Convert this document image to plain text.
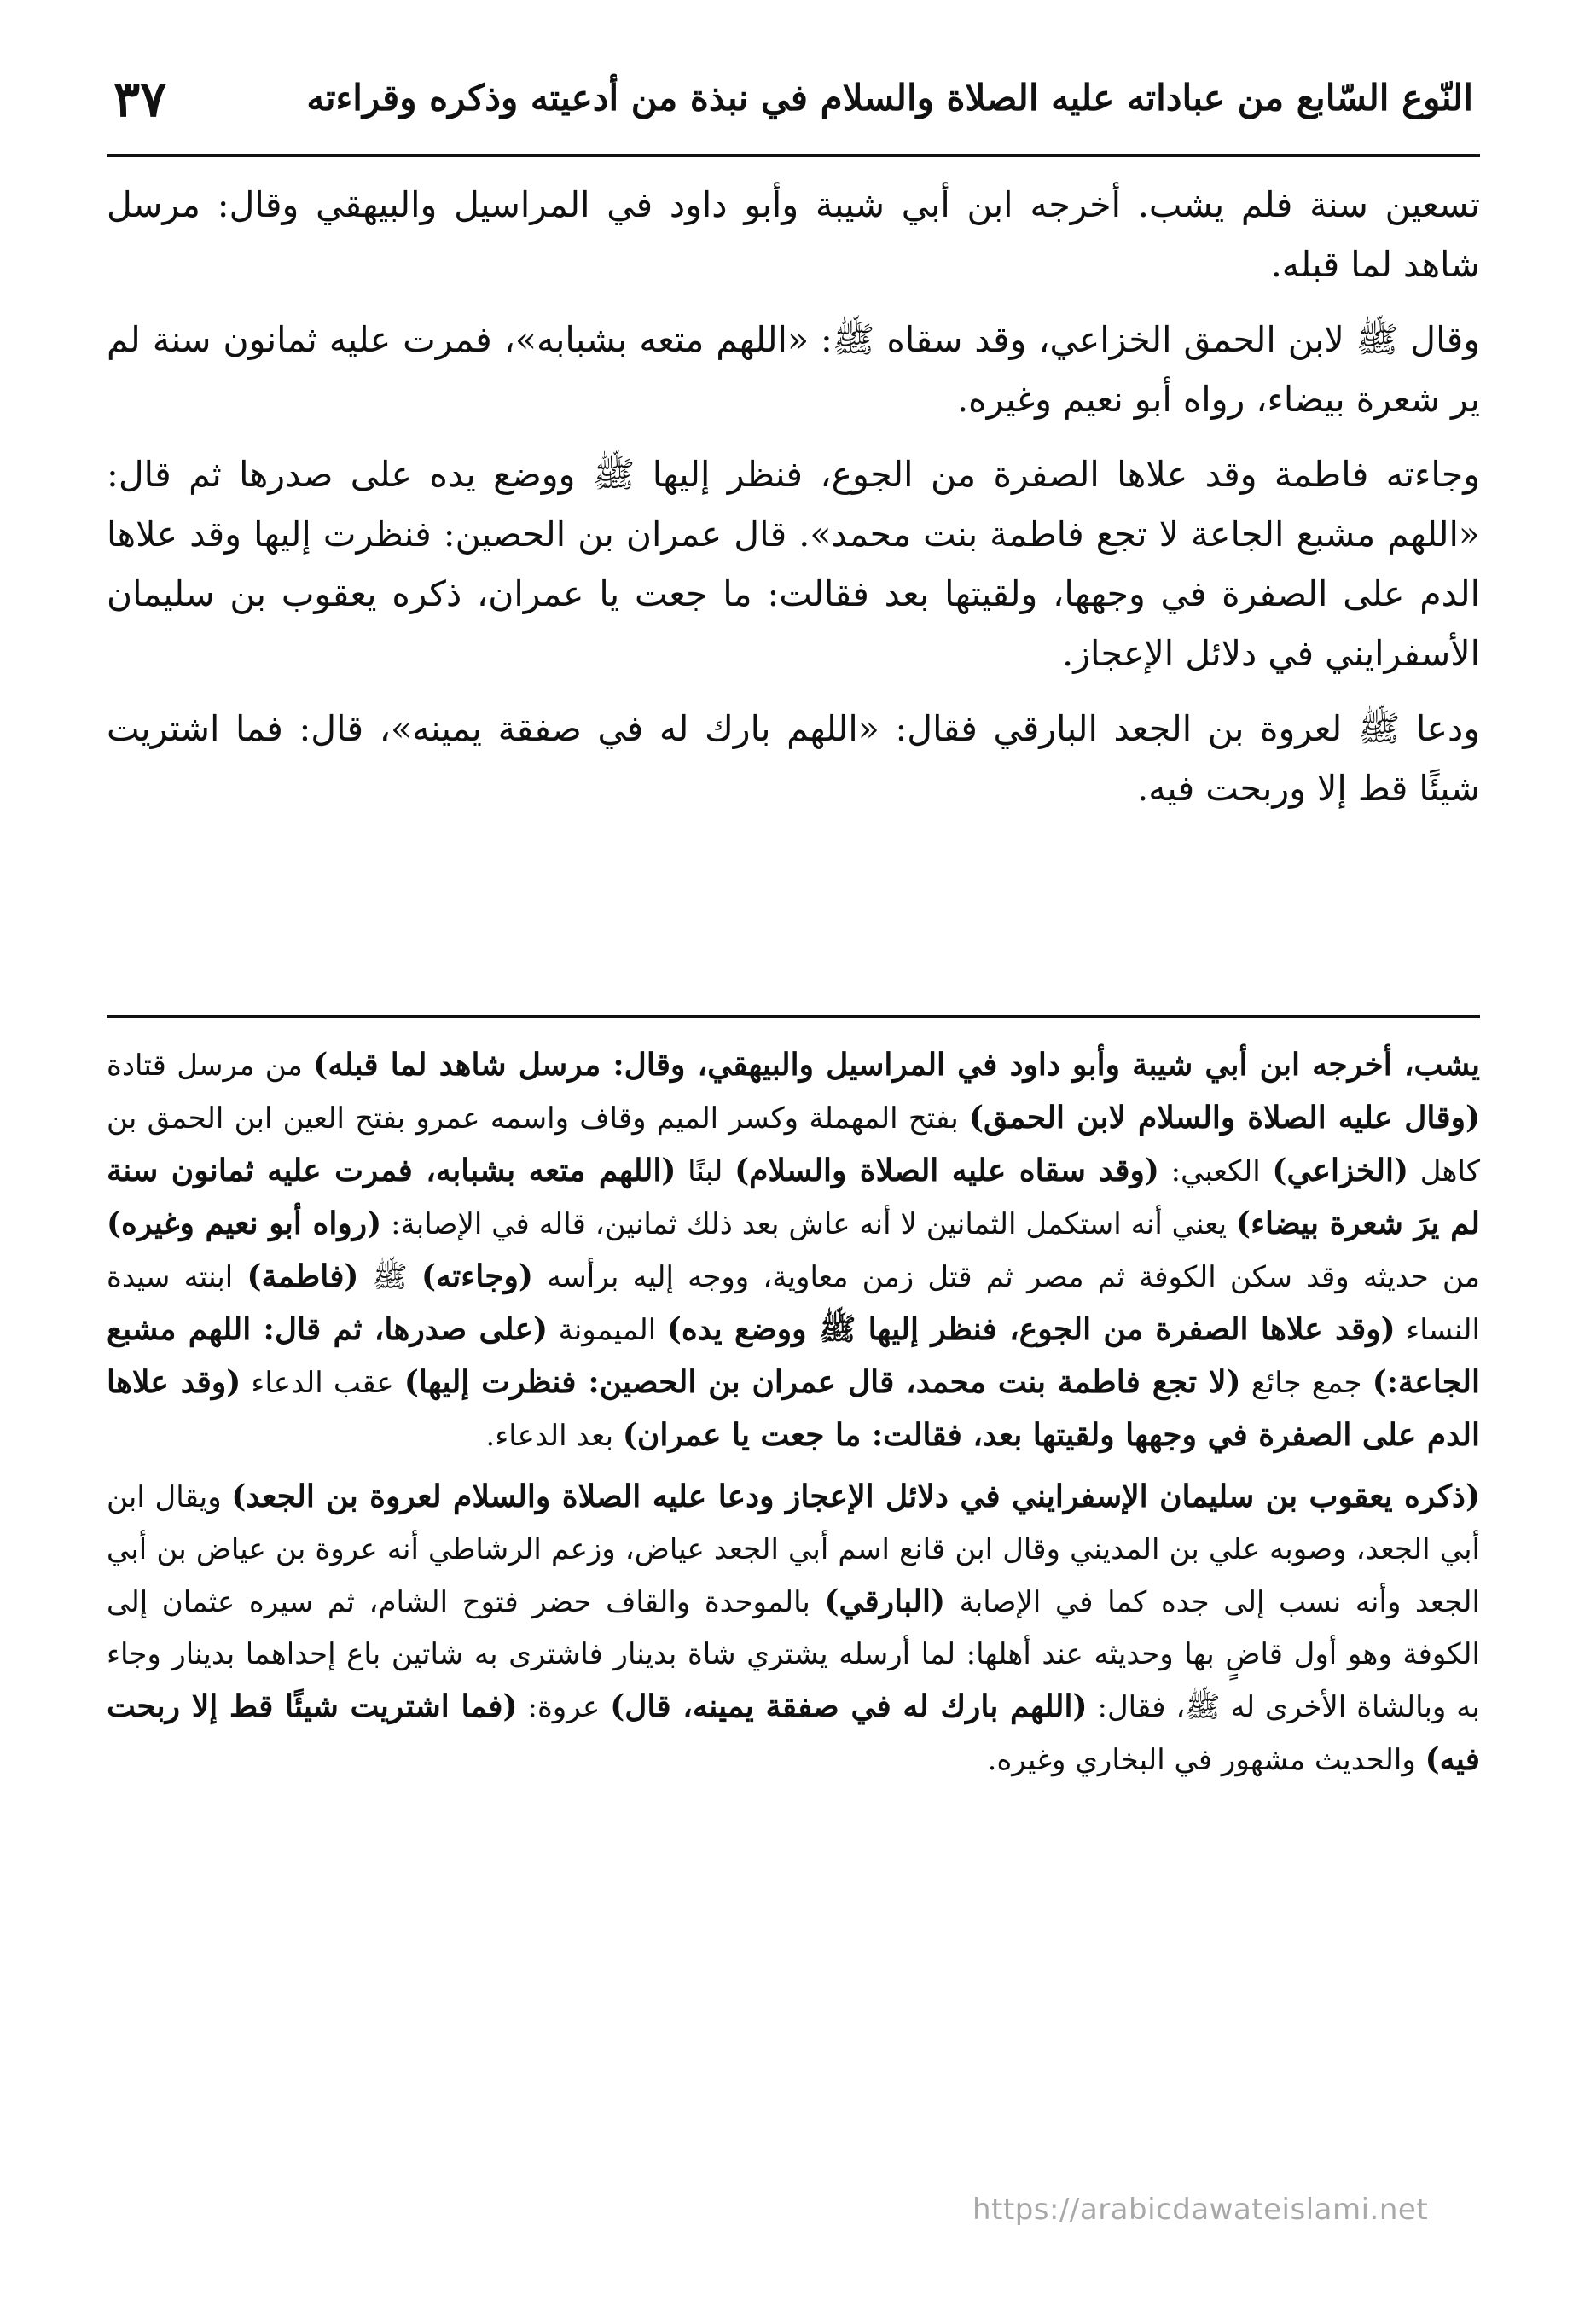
٣٧	النّوع السّابع من عباداته عليه الصلاة والسلام في نبذة من أدعيته وذكره وقراءته

تسعين سنة فلم يشب. أخرجه ابن أبي شيبة وأبو داود في المراسيل والبيهقي وقال: مرسل شاهد لما قبله.

وقال ﷺ لابن الحمق الخزاعي، وقد سقاه ﷺ: «اللهم متعه بشبابه»، فمرت عليه ثمانون سنة لم ير شعرة بيضاء، رواه أبو نعيم وغيره.

وجاءته فاطمة وقد علاها الصفرة من الجوع، فنظر إليها ﷺ ووضع يده على صدرها ثم قال: «اللهم مشبع الجاعة لا تجع فاطمة بنت محمد». قال عمران بن الحصين: فنظرت إليها وقد علاها الدم على الصفرة في وجهها، ولقيتها بعد فقالت: ما جعت يا عمران، ذكره يعقوب بن سليمان الأسفرايني في دلائل الإعجاز.

ودعا ﷺ لعروة بن الجعد البارقي فقال: «اللهم بارك له في صفقة يمينه»، قال: فما اشتريت شيئًا قط إلا وربحت فيه.

يشب، أخرجه ابن أبي شيبة وأبو داود في المراسيل والبيهقي، وقال: مرسل شاهد لما قبله) من مرسل قتادة (وقال عليه الصلاة والسلام لابن الحمق) بفتح المهملة وكسر الميم وقاف واسمه عمرو بفتح العين ابن الحمق بن كاهل (الخزاعي) الكعبي: (وقد سقاه عليه الصلاة والسلام) لبنًا (اللهم متعه بشبابه، فمرت عليه ثمانون سنة لم يرَ شعرة بيضاء) يعني أنه استكمل الثمانين لا أنه عاش بعد ذلك ثمانين، قاله في الإصابة: (رواه أبو نعيم وغيره) من حديثه وقد سكن الكوفة ثم مصر ثم قتل زمن معاوية، ووجه إليه برأسه (وجاءته) ﷺ (فاطمة) ابنته سيدة النساء (وقد علاها الصفرة من الجوع، فنظر إليها ﷺ ووضع يده) الميمونة (على صدرها، ثم قال: اللهم مشبع الجاعة:) جمع جائع (لا تجع فاطمة بنت محمد، قال عمران بن الحصين: فنظرت إليها) عقب الدعاء (وقد علاها الدم على الصفرة في وجهها ولقيتها بعد، فقالت: ما جعت يا عمران) بعد الدعاء.

(ذكره يعقوب بن سليمان الإسفرايني في دلائل الإعجاز ودعا عليه الصلاة والسلام لعروة بن الجعد) ويقال ابن أبي الجعد، وصوبه علي بن المديني وقال ابن قانع اسم أبي الجعد عياض، وزعم الرشاطي أنه عروة بن عياض بن أبي الجعد وأنه نسب إلى جده كما في الإصابة (البارقي) بالموحدة والقاف حضر فتوح الشام، ثم سيره عثمان إلى الكوفة وهو أول قاضٍ بها وحديثه عند أهلها: لما أرسله يشتري شاة بدينار فاشترى به شاتين باع إحداهما بدينار وجاء به وبالشاة الأخرى له ﷺ، فقال: (اللهم بارك له في صفقة يمينه، قال) عروة: (فما اشتريت شيئًا قط إلا ربحت فيه) والحديث مشهور في البخاري وغيره.

https://arabicdawateislami.net
